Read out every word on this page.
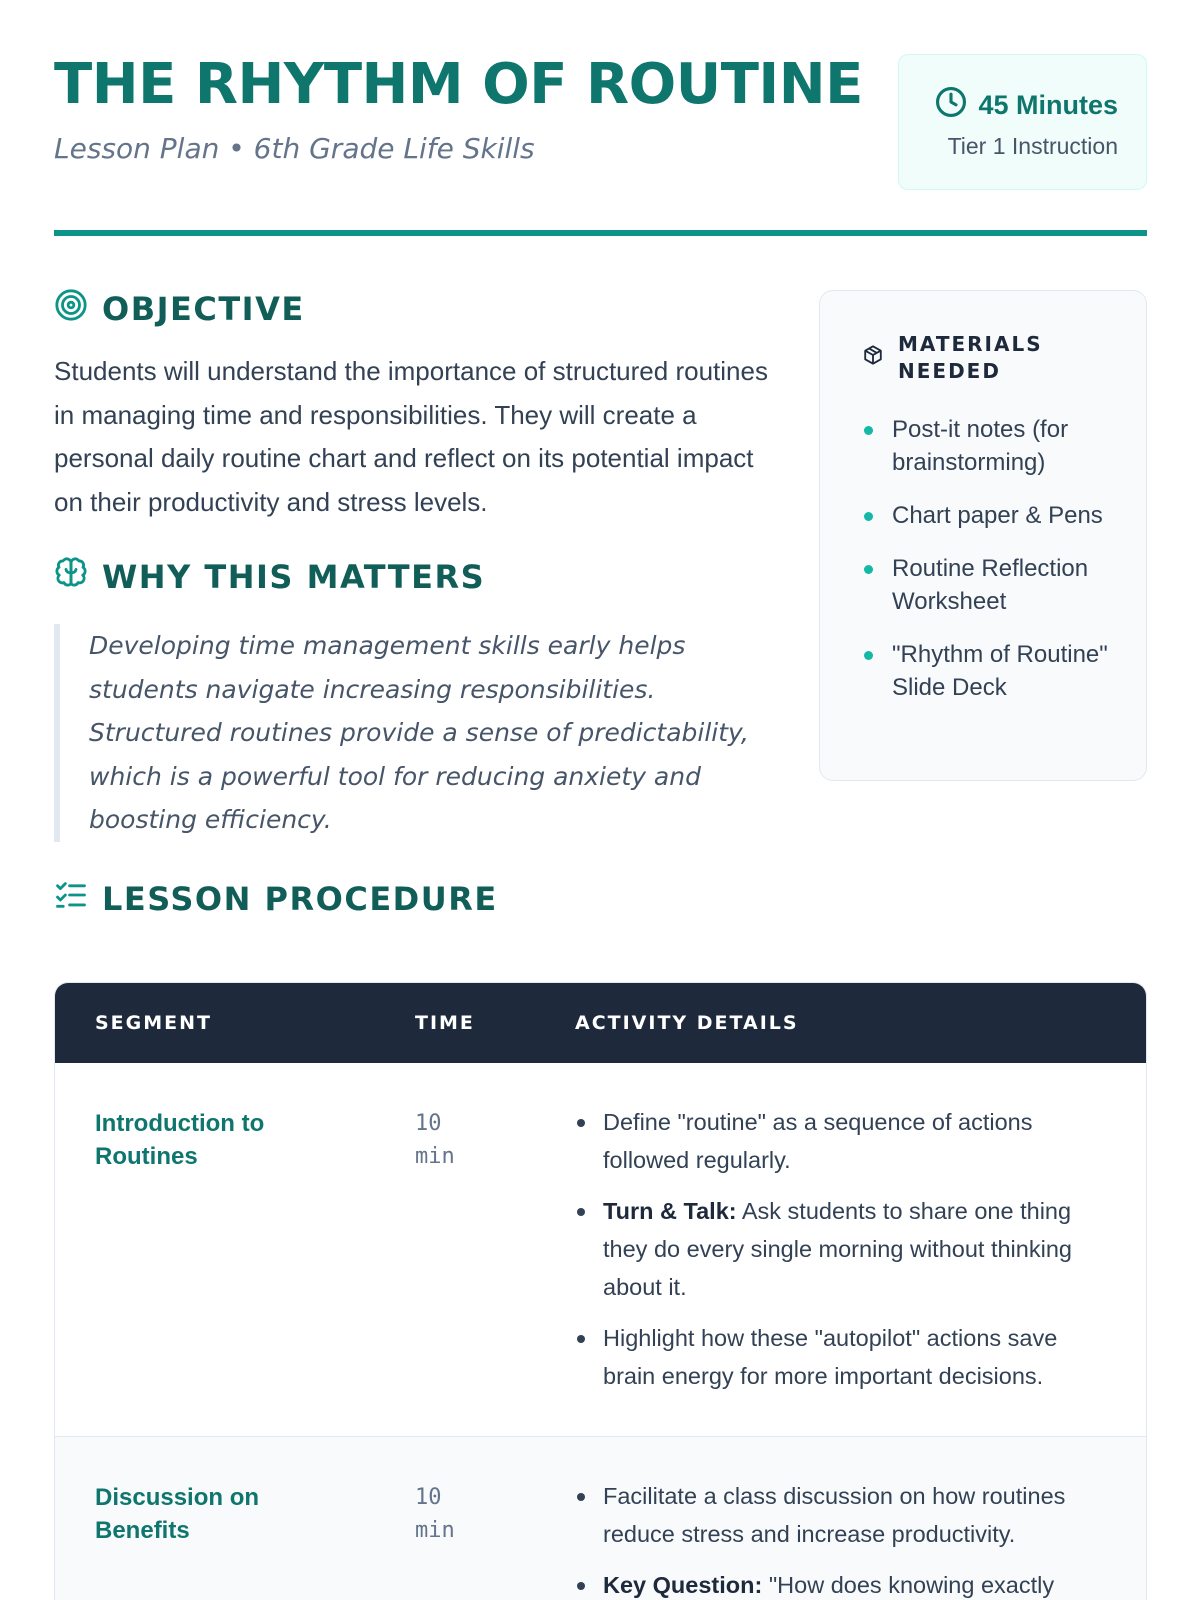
THE RHYTHM OF ROUTINE
Lesson Plan • 6th Grade Life Skills
45 Minutes
Tier 1 Instruction
OBJECTIVE

Students will understand the importance of structured routines in managing time and responsibilities. They will create a personal daily routine chart and reflect on its potential impact on their productivity and stress levels.

WHY THIS MATTERS

Developing time management skills early helps students navigate increasing responsibilities. Structured routines provide a sense of predictability, which is a powerful tool for reducing anxiety and boosting efficiency.

MATERIALS NEEDED
Post-it notes (for brainstorming)
Chart paper & Pens
Routine Reflection Worksheet
"Rhythm of Routine" Slide Deck
LESSON PROCEDURE
SEGMENT	TIME	ACTIVITY DETAILS
Introduction to Routines
10 min
Define "routine" as a sequence of actions followed regularly.
Turn & Talk: Ask students to share one thing they do every single morning without thinking about it.
Highlight how these "autopilot" actions save brain energy for more important decisions.
Discussion on Benefits
10 min
Facilitate a class discussion on how routines reduce stress and increase productivity.
Key Question: "How does knowing exactly
